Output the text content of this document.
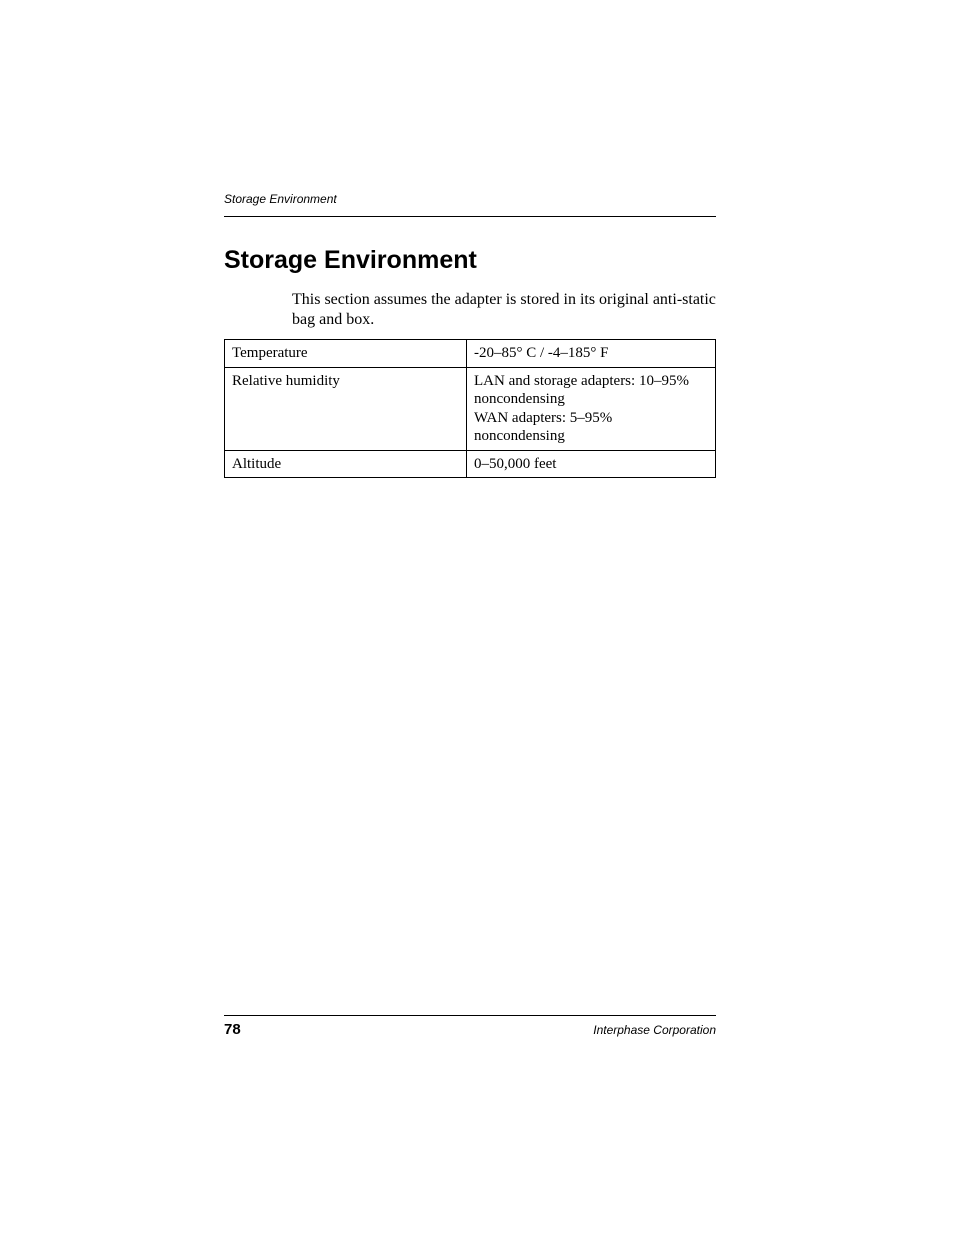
Storage Environment
Storage Environment

This section assumes the adapter is stored in its original anti-static bag and box.

Temperature	-20–85° C / -4–185° F

Relative humidity	LAN and storage adapters: 10–95%
noncondensing
WAN adapters: 5–95%
noncondensing

Altitude	0–50,000 feet
78	Interphase Corporation
